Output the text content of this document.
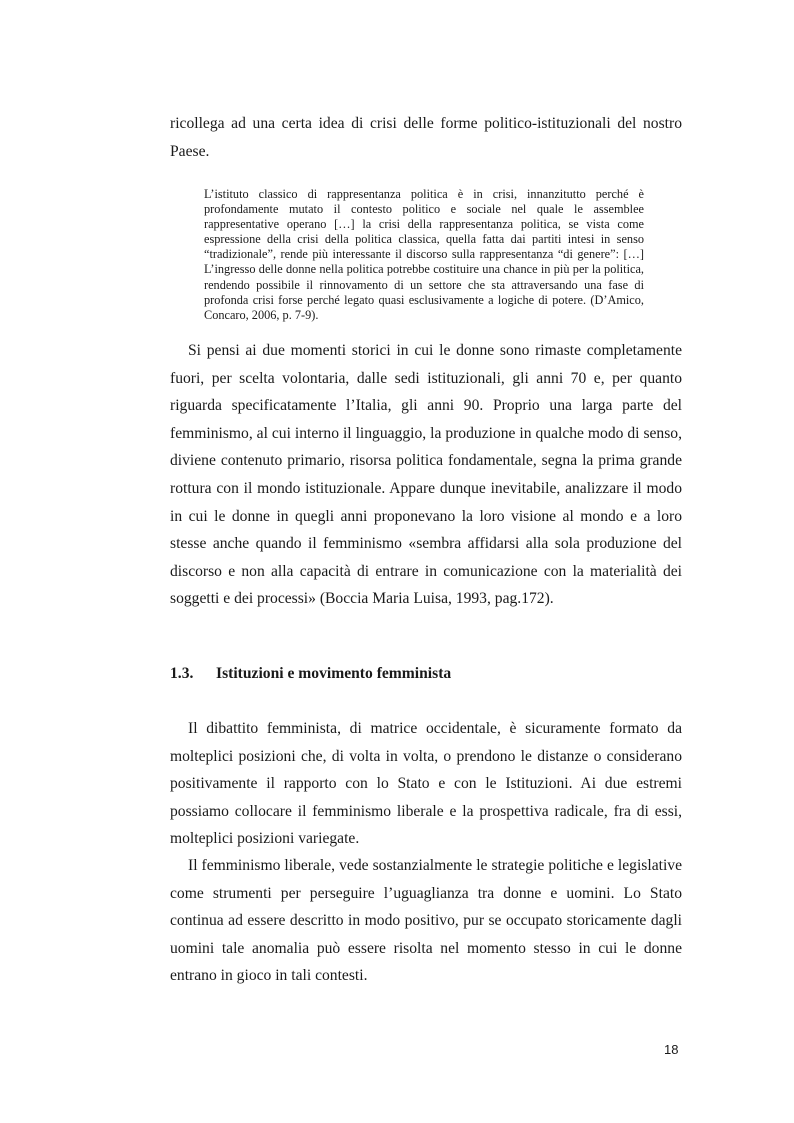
ricollega ad una certa idea di crisi delle forme politico-istituzionali del nostro Paese.

L’istituto classico di rappresentanza politica è in crisi, innanzitutto perché è profondamente mutato il contesto politico e sociale nel quale le assemblee rappresentative operano […] la crisi della rappresentanza politica, se vista come espressione della crisi della politica classica, quella fatta dai partiti intesi in senso “tradizionale”, rende più interessante il discorso sulla rappresentanza “di genere”: […] L’ingresso delle donne nella politica potrebbe costituire una chance in più per la politica, rendendo possibile il rinnovamento di un settore che sta attraversando una fase di profonda crisi forse perché legato quasi esclusivamente a logiche di potere. (D’Amico, Concaro, 2006, p. 7-9).

Si pensi ai due momenti storici in cui le donne sono rimaste completamente fuori, per scelta volontaria, dalle sedi istituzionali, gli anni 70 e, per quanto riguarda specificatamente l’Italia, gli anni 90. Proprio una larga parte del femminismo, al cui interno il linguaggio, la produzione in qualche modo di senso, diviene contenuto primario, risorsa politica fondamentale, segna la prima grande rottura con il mondo istituzionale. Appare dunque inevitabile, analizzare il modo in cui le donne in quegli anni proponevano la loro visione al mondo e a loro stesse anche quando il femminismo «sembra affidarsi alla sola produzione del discorso e non alla capacità di entrare in comunicazione con la materialità dei soggetti e dei processi» (Boccia Maria Luisa, 1993, pag.172).

1.3. Istituzioni e movimento femminista

Il dibattito femminista, di matrice occidentale, è sicuramente formato da molteplici posizioni che, di volta in volta, o prendono le distanze o considerano positivamente il rapporto con lo Stato e con le Istituzioni. Ai due estremi possiamo collocare il femminismo liberale e la prospettiva radicale, fra di essi, molteplici posizioni variegate.

Il femminismo liberale, vede sostanzialmente le strategie politiche e legislative come strumenti per perseguire l’uguaglianza tra donne e uomini. Lo Stato continua ad essere descritto in modo positivo, pur se occupato storicamente dagli uomini tale anomalia può essere risolta nel momento stesso in cui le donne entrano in gioco in tali contesti.

18
